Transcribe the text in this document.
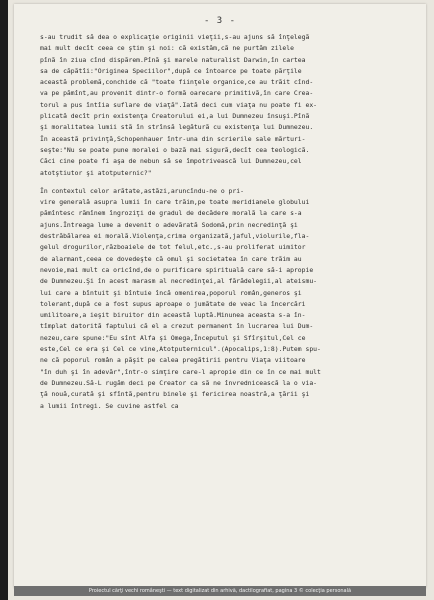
- 3 -
s-au trudit să dea o explicaţie originii vieţii,s-au ajuns să înţelegă
mai mult decît ceea ce ştim şi noi: că existăm,că ne purtăm zilele
pînă în ziua cînd dispărem.Pînă şi marele naturalist Darwin,în cartea
sa de căpătîi:"Originea Speciilor",după ce întoarce pe toate părţile
această problemă,conchide că "toate fiinţele organice,ce au trăit cînd-
va pe pămînt,au provenit dintr-o formă oarecare primitivă,în care Crea-
torul a pus întîia suflare de viaţă".Iată deci cum viaţa nu poate fi ex-
plicată decît prin existenţa Creatorului ei,a lui Dumnezeu însuşi.Pînă
şi moralitatea lumii stă în strînsă legătură cu existenţa lui Dumnezeu.
În această privinţă,Schopenhauer într-una din scrierile sale mărturi-
seşte:"Nu se poate pune moralei o bază mai sigură,decît cea teologică.
Căci cine poate fi aşa de nebun să se împotrivească lui Dumnezeu,cel
atotştiutor şi atotputernic?"
În contextul celor arătate,astăzi,aruncîndu-ne o pri-
vire generală asupra lumii în care trăim,pe toate meridianele globului
pămîntesc rămînem îngroziţi de gradul de decădere morală la care s-a
ajuns.Întreaga lume a devenit o adevărată Sodomă,prin necredinţă şi
destrăbălarea ei morală.Violenţa,crima organizată,jaful,violurile,fla-
gelul drogurilor,războaiele de tot felul,etc.,s-au proliferat uimitor
de alarmant,ceea ce dovedeşte că omul şi societatea în care trăim au
nevoie,mai mult ca oricînd,de o purificare spirituală care să-i apropie
de Dumnezeu.Şi în acest marasm al necredinţei,al fărădelegii,al ateismu-
lui care a bîntuit şi bîntuie încă omenirea,poporul român,generos şi
tolerant,după ce a fost supus aproape o jumătate de veac la încercări
umilitoare,a ieşit biruitor din această luptă.Minunea aceasta s-a în-
tîmplat datorită faptului că el a crezut permanent în lucrarea lui Dum-
nezeu,care spune:"Eu sînt Alfa şi Omega,Începutul şi Sfîrşitul,Cel ce
este,Cel ce era şi Cel ce vine,Atotputernicul".(Apocalips,1:8).Putem spu-
ne că poporul român a păşit pe calea pregătirii pentru Viaţa viitoare
"în duh şi în adevăr",într-o simţire care-l apropie din ce în ce mai mult
de Dumnezeu.Să-L rugăm deci pe Creator ca să ne învrednicească la o via-
ţă nouă,curată şi sfîntă,pentru binele şi fericirea noastră,a ţării şi
a lumii întregi. Se cuvine astfel ca
Proiectul cărţi vechi româneşti — text digitalizat din arhivă, dactilografiat, pagina 3 © colecţia personală
